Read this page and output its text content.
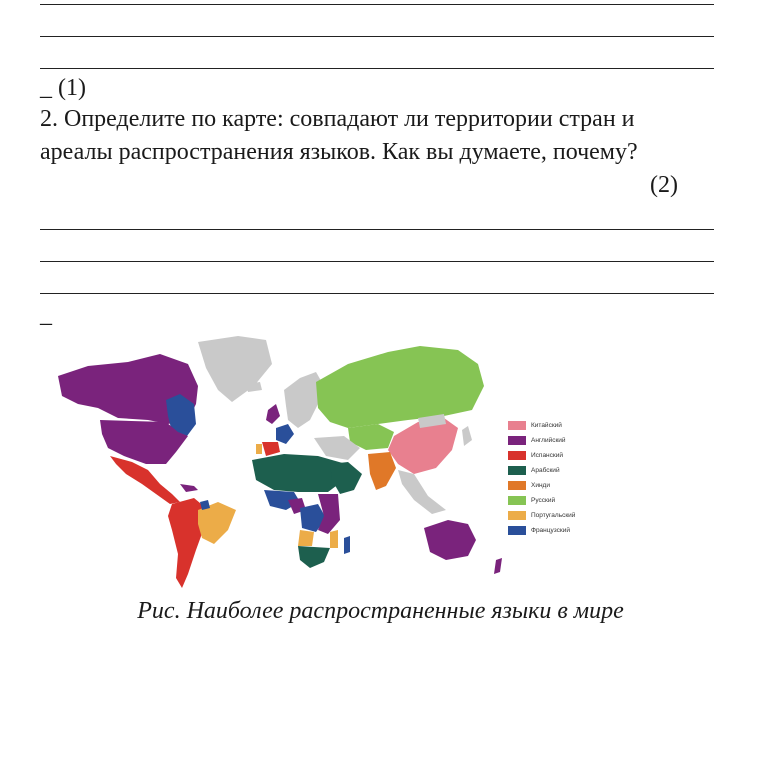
_ (1)
2. Определите по карте: совпадают ли территории стран и
ареалы распространения языков. Как вы думаете, почему?
(2)
_
Китайский
Английский
Испанский
Арабский
Хинди
Русский
Португальский
Французский
Рис. Наиболее распространенные языки в мире
